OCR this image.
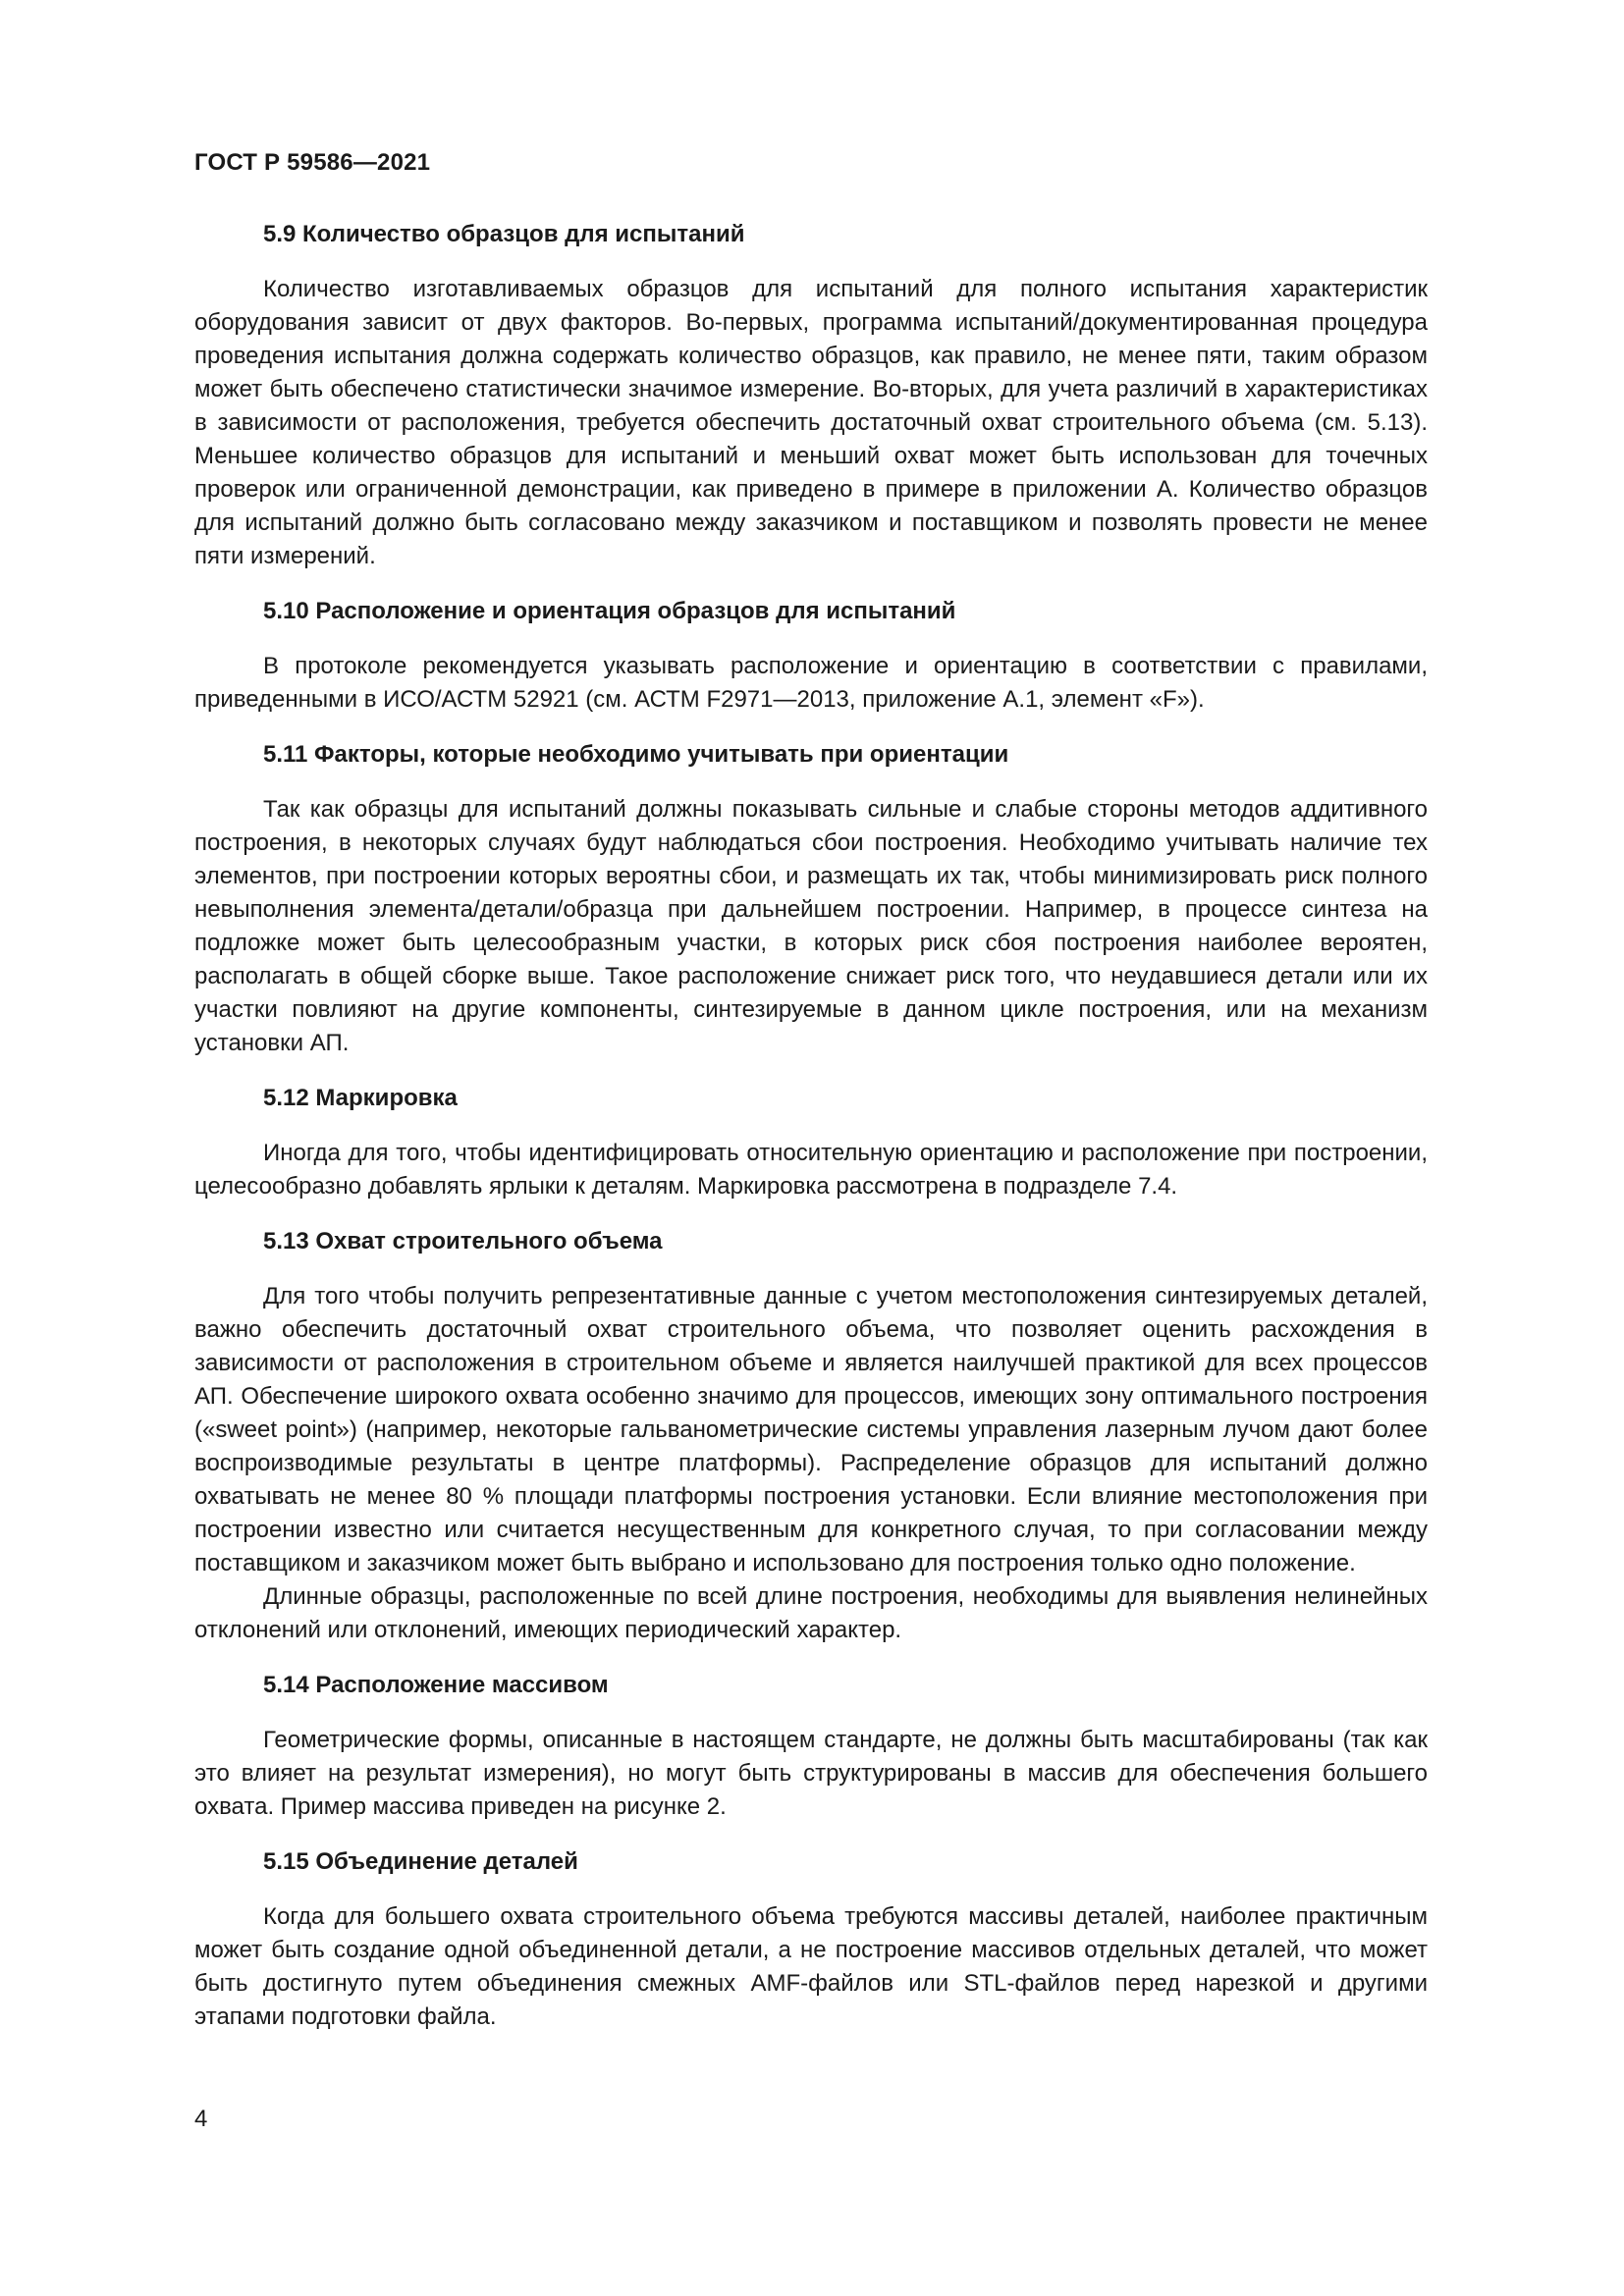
ГОСТ Р 59586—2021
5.9 Количество образцов для испытаний

Количество изготавливаемых образцов для испытаний для полного испытания характеристик оборудования зависит от двух факторов. Во-первых, программа испытаний/документированная процедура проведения испытания должна содержать количество образцов, как правило, не менее пяти, таким образом может быть обеспечено статистически значимое измерение. Во-вторых, для учета различий в характеристиках в зависимости от расположения, требуется обеспечить достаточный охват строительного объема (см. 5.13). Меньшее количество образцов для испытаний и меньший охват может быть использован для точечных проверок или ограниченной демонстрации, как приведено в примере в приложении А. Количество образцов для испытаний должно быть согласовано между заказчиком и поставщиком и позволять провести не менее пяти измерений.

5.10 Расположение и ориентация образцов для испытаний

В протоколе рекомендуется указывать расположение и ориентацию в соответствии с правилами, приведенными в ИСО/АСТМ 52921 (см. АСТМ F2971—2013, приложение А.1, элемент «F»).

5.11 Факторы, которые необходимо учитывать при ориентации

Так как образцы для испытаний должны показывать сильные и слабые стороны методов аддитивного построения, в некоторых случаях будут наблюдаться сбои построения. Необходимо учитывать наличие тех элементов, при построении которых вероятны сбои, и размещать их так, чтобы минимизировать риск полного невыполнения элемента/детали/образца при дальнейшем построении. Например, в процессе синтеза на подложке может быть целесообразным участки, в которых риск сбоя построения наиболее вероятен, располагать в общей сборке выше. Такое расположение снижает риск того, что неудавшиеся детали или их участки повлияют на другие компоненты, синтезируемые в данном цикле построения, или на механизм установки АП.

5.12 Маркировка

Иногда для того, чтобы идентифицировать относительную ориентацию и расположение при построении, целесообразно добавлять ярлыки к деталям. Маркировка рассмотрена в подразделе 7.4.

5.13 Охват строительного объема

Для того чтобы получить репрезентативные данные с учетом местоположения синтезируемых деталей, важно обеспечить достаточный охват строительного объема, что позволяет оценить расхождения в зависимости от расположения в строительном объеме и является наилучшей практикой для всех процессов АП. Обеспечение широкого охвата особенно значимо для процессов, имеющих зону оптимального построения («sweet point») (например, некоторые гальванометрические системы управления лазерным лучом дают более воспроизводимые результаты в центре платформы). Распределение образцов для испытаний должно охватывать не менее 80 % площади платформы построения установки. Если влияние местоположения при построении известно или считается несущественным для конкретного случая, то при согласовании между поставщиком и заказчиком может быть выбрано и использовано для построения только одно положение.

Длинные образцы, расположенные по всей длине построения, необходимы для выявления нелинейных отклонений или отклонений, имеющих периодический характер.

5.14 Расположение массивом

Геометрические формы, описанные в настоящем стандарте, не должны быть масштабированы (так как это влияет на результат измерения), но могут быть структурированы в массив для обеспечения большего охвата. Пример массива приведен на рисунке 2.

5.15 Объединение деталей

Когда для большего охвата строительного объема требуются массивы деталей, наиболее практичным может быть создание одной объединенной детали, а не построение массивов отдельных деталей, что может быть достигнуто путем объединения смежных AMF-файлов или STL-файлов перед нарезкой и другими этапами подготовки файла.

4
